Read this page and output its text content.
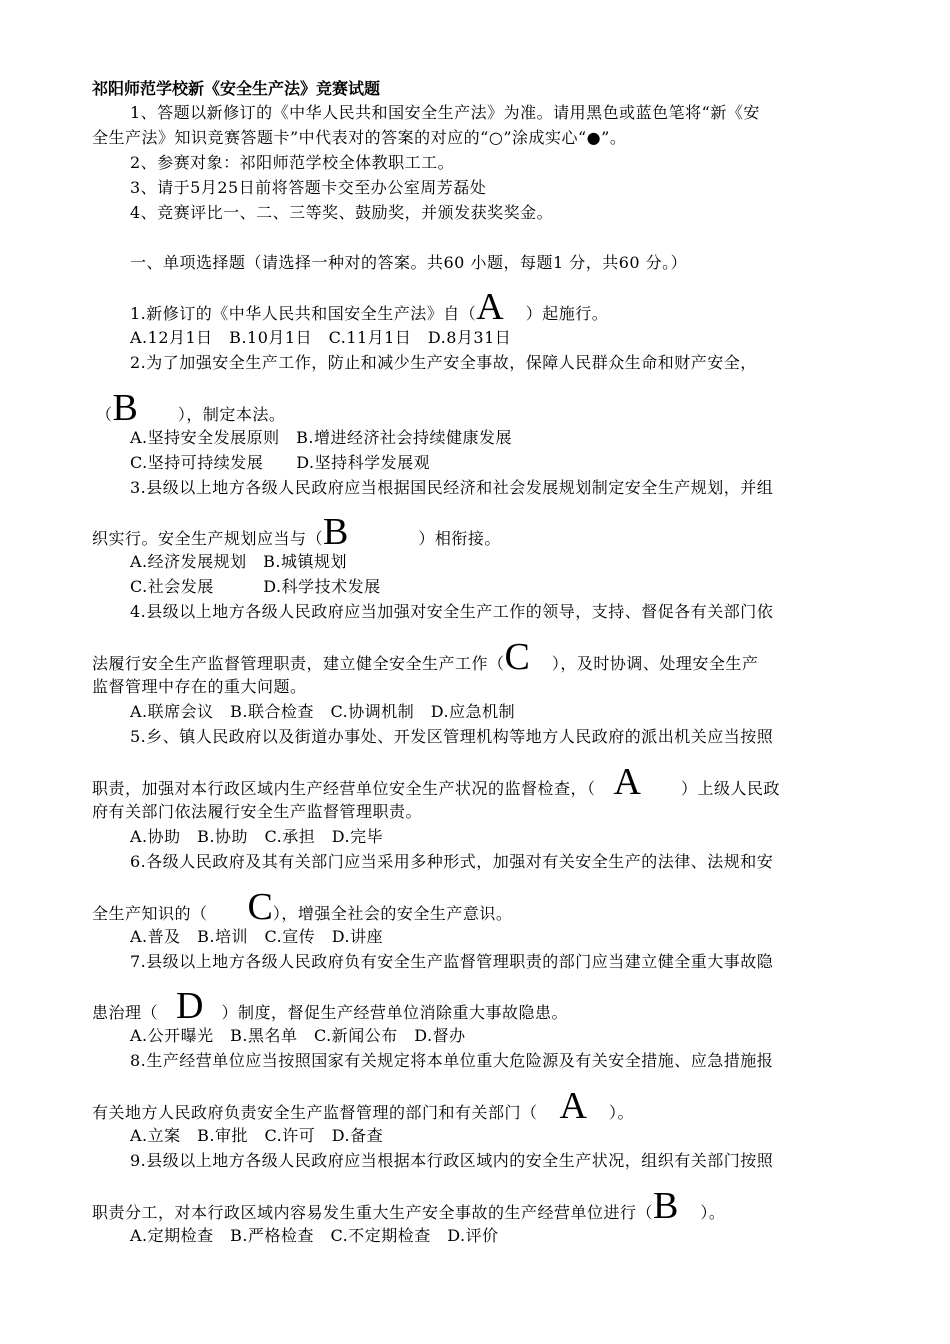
祁阳师范学校新《安全生产法》竞赛试题
1、答题以新修订的《中华人民共和国安全生产法》为准。请用黑色或蓝色笔将“新《安
全生产法》知识竞赛答题卡”中代表对的答案的对应的“○”涂成实心“●”。
2、参赛对象：祁阳师范学校全体教职工工。
3、请于5月25日前将答题卡交至办公室周芳磊处
4、竞赛评比一、二、三等奖、鼓励奖，并颁发获奖奖金。
一、单项选择题（请选择一种对的答案。共60 小题，每题1 分，共60 分。）
1.新修订的《中华人民共和国安全生产法》自（A ）起施行。
A.12月1日　B.10月1日　C.11月1日　D.8月31日
2.为了加强安全生产工作，防止和减少生产安全事故，保障人民群众生命和财产安全，
（B	），制定本法。
A.坚持安全发展原则　B.增进经济社会持续健康发展
C.坚持可持续发展　　D.坚持科学发展观
3.县级以上地方各级人民政府应当根据国民经济和社会发展规划制定安全生产规划，并组
织实行。安全生产规划应当与（B	）相衔接。
A.经济发展规划　B.城镇规划
C.社会发展　　　D.科学技术发展
4.县级以上地方各级人民政府应当加强对安全生产工作的领导，支持、督促各有关部门依
法履行安全生产监督管理职责，建立健全安全生产工作（C ），及时协调、处理安全生产
监督管理中存在的重大问题。
A.联席会议　B.联合检查　C.协调机制　D.应急机制
5.乡、镇人民政府以及街道办事处、开发区管理机构等地方人民政府的派出机关应当按照
职责，加强对本行政区域内生产经营单位安全生产状况的监督检查，（ A	）上级人民政
府有关部门依法履行安全生产监督管理职责。
A.协助　B.协助　C.承担　D.完毕
6.各级人民政府及其有关部门应当采用多种形式，加强对有关安全生产的法律、法规和安
全生产知识的（ C），增强全社会的安全生产意识。
A.普及　B.培训　C.宣传　D.讲座
7.县级以上地方各级人民政府负有安全生产监督管理职责的部门应当建立健全重大事故隐
患治理（ D ）制度，督促生产经营单位消除重大事故隐患。
A.公开曝光　B.黑名单　C.新闻公布　D.督办
8.生产经营单位应当按照国家有关规定将本单位重大危险源及有关安全措施、应急措施报
有关地方人民政府负责安全生产监督管理的部门和有关部门（ A ）。
A.立案　B.审批　C.许可　D.备查
9.县级以上地方各级人民政府应当根据本行政区域内的安全生产状况，组织有关部门按照
职责分工，对本行政区域内容易发生重大生产安全事故的生产经营单位进行（B ）。
A.定期检查　B.严格检查　C.不定期检查　D.评价
